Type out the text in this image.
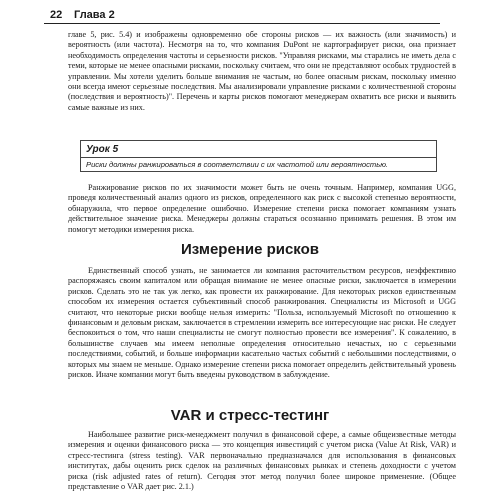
22 Глава 2

главе 5, рис. 5.4) и изображены одновременно обе стороны рисков — их важность (или значимость) и вероятность (или частота). Несмотря на то, что компания DuPont не картографирует риски, она признает необходимость определения частоты и серьезности рисков. "Управляя рисками, мы старались не иметь дела с теми, которые не менее опасными рисками, поскольку считаем, что они не представляют особых трудностей в управлении. Мы хотели уделить больше внимания не частым, но более опасным рискам, поскольку именно они всегда имеют серьезные последствия. Мы анализировали управление рисками с количественной стороны (последствия и вероятность)". Перечень и карты рисков помогают менеджерам охватить все риски и выявить самые важные из них.

Урок 5
Риски должны ранжироваться в соответствии с их частотой или вероятностью.

Ранжирование рисков по их значимости может быть не очень точным. Например, компания UGG, проведя количественный анализ одного из рисков, определенного как риск с высокой степенью вероятности, обнаружила, что первое определение ошибочно. Измерение степени риска помогает компаниям узнать действительное значение риска. Менеджеры должны стараться осознанно принимать решения. В этом им помогут методики измерения риска.

Измерение рисков

Единственный способ узнать, не занимается ли компания расточительством ресурсов, неэффективно распоряжаясь своим капиталом или обращая внимание не менее опасные риски, заключается в измерении рисков. Сделать это не так уж легко, как провести их ранжирование. Для некоторых рисков единственным способом их измерения остается субъективный способ ранжирования. Специалисты из Microsoft и UGG считают, что некоторые риски вообще нельзя измерить: "Польза, используемый Microsoft по отношению к финансовым и деловым рискам, заключается в стремлении измерить все интересующие нас риски. Не следует беспокоиться о том, что наши специалисты не смогут полностью провести все измерения". К сожалению, в большинстве случаев мы имеем неполные определения относительно нечастых, но с серьезными последствиями, событий, и больше информации касательно частых событий с небольшими последствиями, о которых мы знаем не меньше. Однако измерение степени риска помогает определить действительный уровень рисков. Иначе компании могут быть введены руководством в заблуждение.

VAR и стресс-тестинг

Наибольшее развитие риск-менеджмент получил в финансовой сфере, а самые общеизвестные методы измерения и оценки финансового риска — это концепция инвестиций с учетом риска (Value At Risk, VAR) и стресс-тестинга (stress testing). VAR первоначально предназначался для использования в финансовых институтах, дабы оценить риск сделок на различных финансовых рынках и степень доходности с учетом риска (risk adjusted rates of return). Сегодня этот метод получил более широкое применение. (Общее представление о VAR дает рис. 2.1.)
